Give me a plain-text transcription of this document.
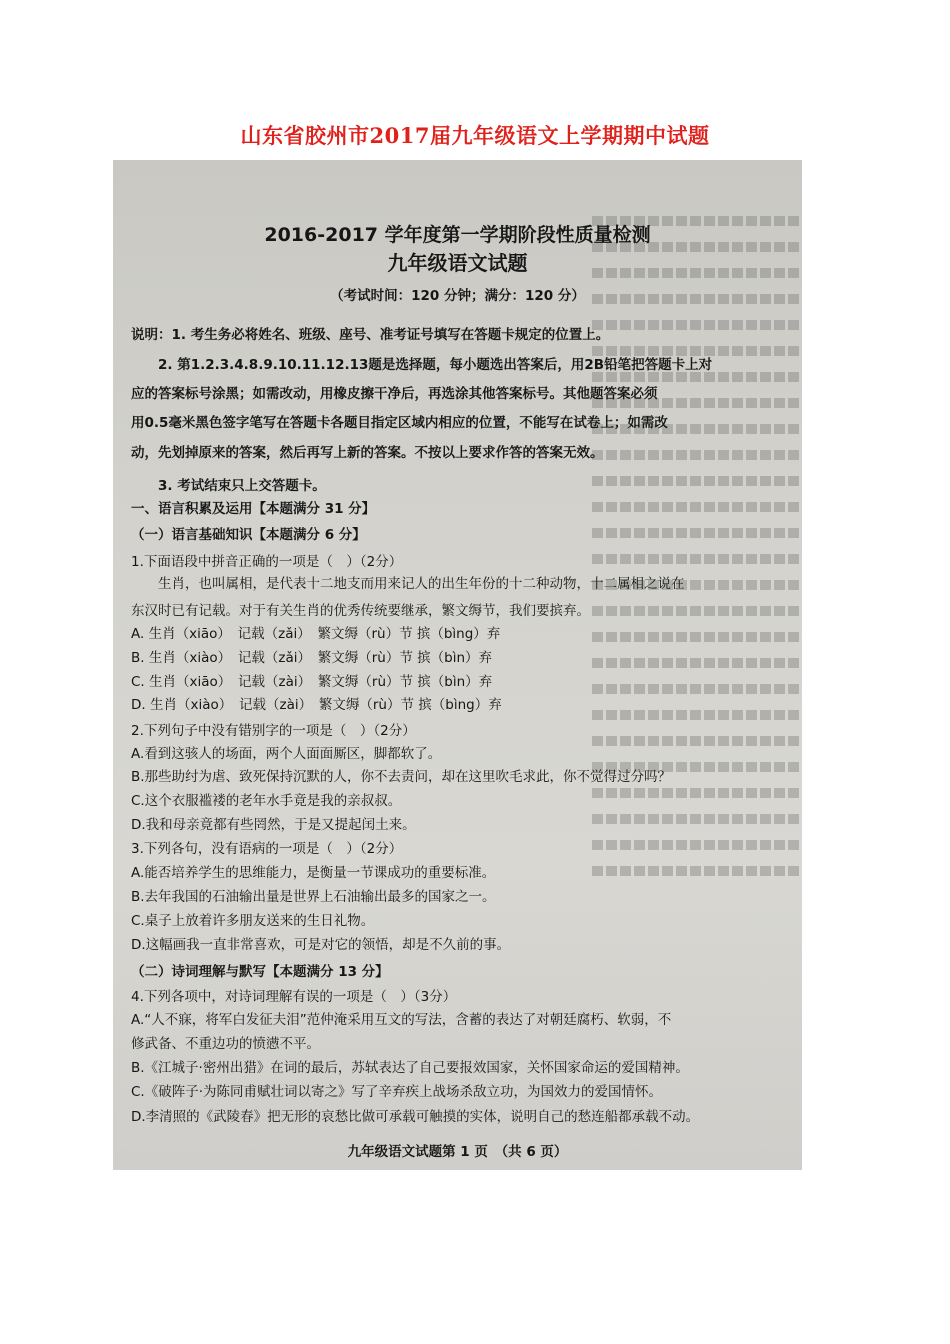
山东省胶州市2017届九年级语文上学期期中试题
2016-2017 学年度第一学期阶段性质量检测
九年级语文试题
（考试时间：120 分钟；满分：120 分）
说明：1. 考生务必将姓名、班级、座号、准考证号填写在答题卡规定的位置上。
　　2. 第1.2.3.4.8.9.10.11.12.13题是选择题，每小题选出答案后，用2B铅笔把答题卡上对
应的答案标号涂黑；如需改动，用橡皮擦干净后，再选涂其他答案标号。其他题答案必须
用0.5毫米黑色签字笔写在答题卡各题目指定区域内相应的位置，不能写在试卷上；如需改
动，先划掉原来的答案，然后再写上新的答案。不按以上要求作答的答案无效。
　　3. 考试结束只上交答题卡。
一、语言积累及运用【本题满分 31 分】
（一）语言基础知识【本题满分 6 分】
1.下面语段中拼音正确的一项是（　）（2分）
　　生肖，也叫属相，是代表十二地支而用来记人的出生年份的十二种动物，十二属相之说在
东汉时已有记载。对于有关生肖的优秀传统要继承，繁文缛节，我们要摈弃。
A. 生肖（xiāo）　记载（zǎi）　繁文缛（rù）节 摈（bìng）弃
B. 生肖（xiào）　记载（zǎi）　繁文缛（rù）节 摈（bìn）弃
C. 生肖（xiāo）　记载（zài）　繁文缛（rù）节 摈（bìn）弃
D. 生肖（xiào）　记载（zài）　繁文缛（rù）节 摈（bìng）弃
2.下列句子中没有错别字的一项是（　）（2分）
A.看到这骇人的场面，两个人面面厮区，脚都软了。
B.那些助纣为虐、致死保持沉默的人，你不去责问，却在这里吹毛求此，你不觉得过分吗？
C.这个衣服褴褛的老年水手竟是我的亲叔叔。
D.我和母亲竟都有些罔然，于是又提起闰土来。
3.下列各句，没有语病的一项是（　）（2分）
A.能否培养学生的思维能力，是衡量一节课成功的重要标准。
B.去年我国的石油输出量是世界上石油输出最多的国家之一。
C.桌子上放着许多朋友送来的生日礼物。
D.这幅画我一直非常喜欢，可是对它的领悟，却是不久前的事。
（二）诗词理解与默写【本题满分 13 分】
4.下列各项中，对诗词理解有误的一项是（　）（3分）
A.“人不寐，将军白发征夫泪”范仲淹采用互文的写法，含蓄的表达了对朝廷腐朽、软弱，不
修武备、不重边功的愤懑不平。
B.《江城子·密州出猎》在词的最后，苏轼表达了自己要报效国家，关怀国家命运的爱国精神。
C.《破阵子·为陈同甫赋壮词以寄之》写了辛弃疾上战场杀敌立功，为国效力的爱国情怀。
D.李清照的《武陵春》把无形的哀愁比做可承载可触摸的实体，说明自己的愁连船都承载不动。
九年级语文试题第 1 页　（共 6 页）
